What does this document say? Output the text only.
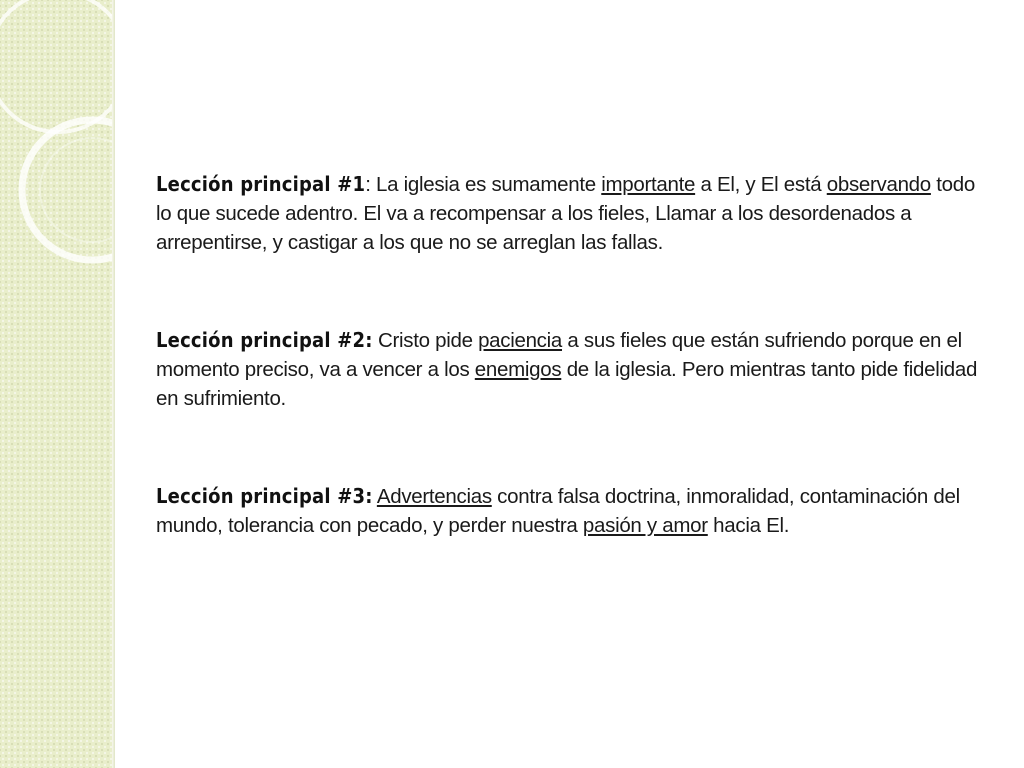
Lección principal #1: La iglesia es sumamente importante a El, y El está observando todo lo que sucede adentro. El va a recompensar a los fieles, Llamar a los desordenados a arrepentirse, y castigar a los que no se arreglan las fallas.

Lección principal #2: Cristo pide paciencia a sus fieles que están sufriendo porque en el momento preciso, va a vencer a los enemigos de la iglesia. Pero mientras tanto pide fidelidad en sufrimiento.

Lección principal #3: Advertencias contra falsa doctrina, inmoralidad, contaminación del mundo, tolerancia con pecado, y perder nuestra pasión y amor hacia El.
